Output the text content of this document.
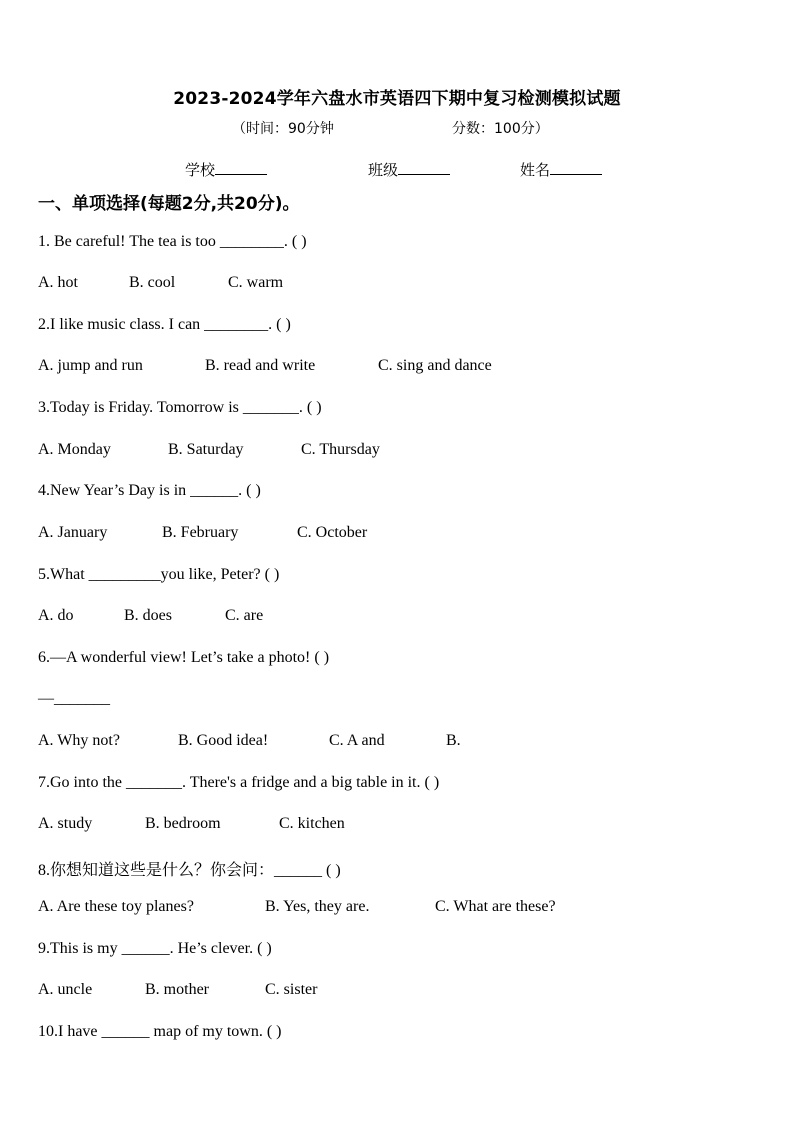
2023-2024学年六盘水市英语四下期中复习检测模拟试题
（时间：90分钟	分数：100分）
学校	班级	姓名
一、单项选择(每题2分,共20分)。
1. Be careful! The tea is too ________. ( )
A. hot	B. cool	C. warm
2.I like music class. I can ________. ( )
A. jump and run	B. read and write	C. sing and dance
3.Today is Friday. Tomorrow is _______. ( )
A. Monday	B. Saturday	C. Thursday
4.New Year’s Day is in ______. ( )
A. January	B. February	C. October
5.What _________you like, Peter? ( )
A. do	B. does	C. are
6.—A wonderful view! Let’s take a photo! ( )
—_______
A. Why not?	B. Good idea!	C. A and	B.
7.Go into the _______. There's a fridge and a big table in it. ( )
A. study	B. bedroom	C. kitchen
8.你想知道这些是什么？你会问：______ ( )
A. Are these toy planes?	B. Yes, they are.	C. What are these?
9.This is my ______. He’s clever. ( )
A. uncle	B. mother	C. sister
10.I have ______ map of my town. ( )
